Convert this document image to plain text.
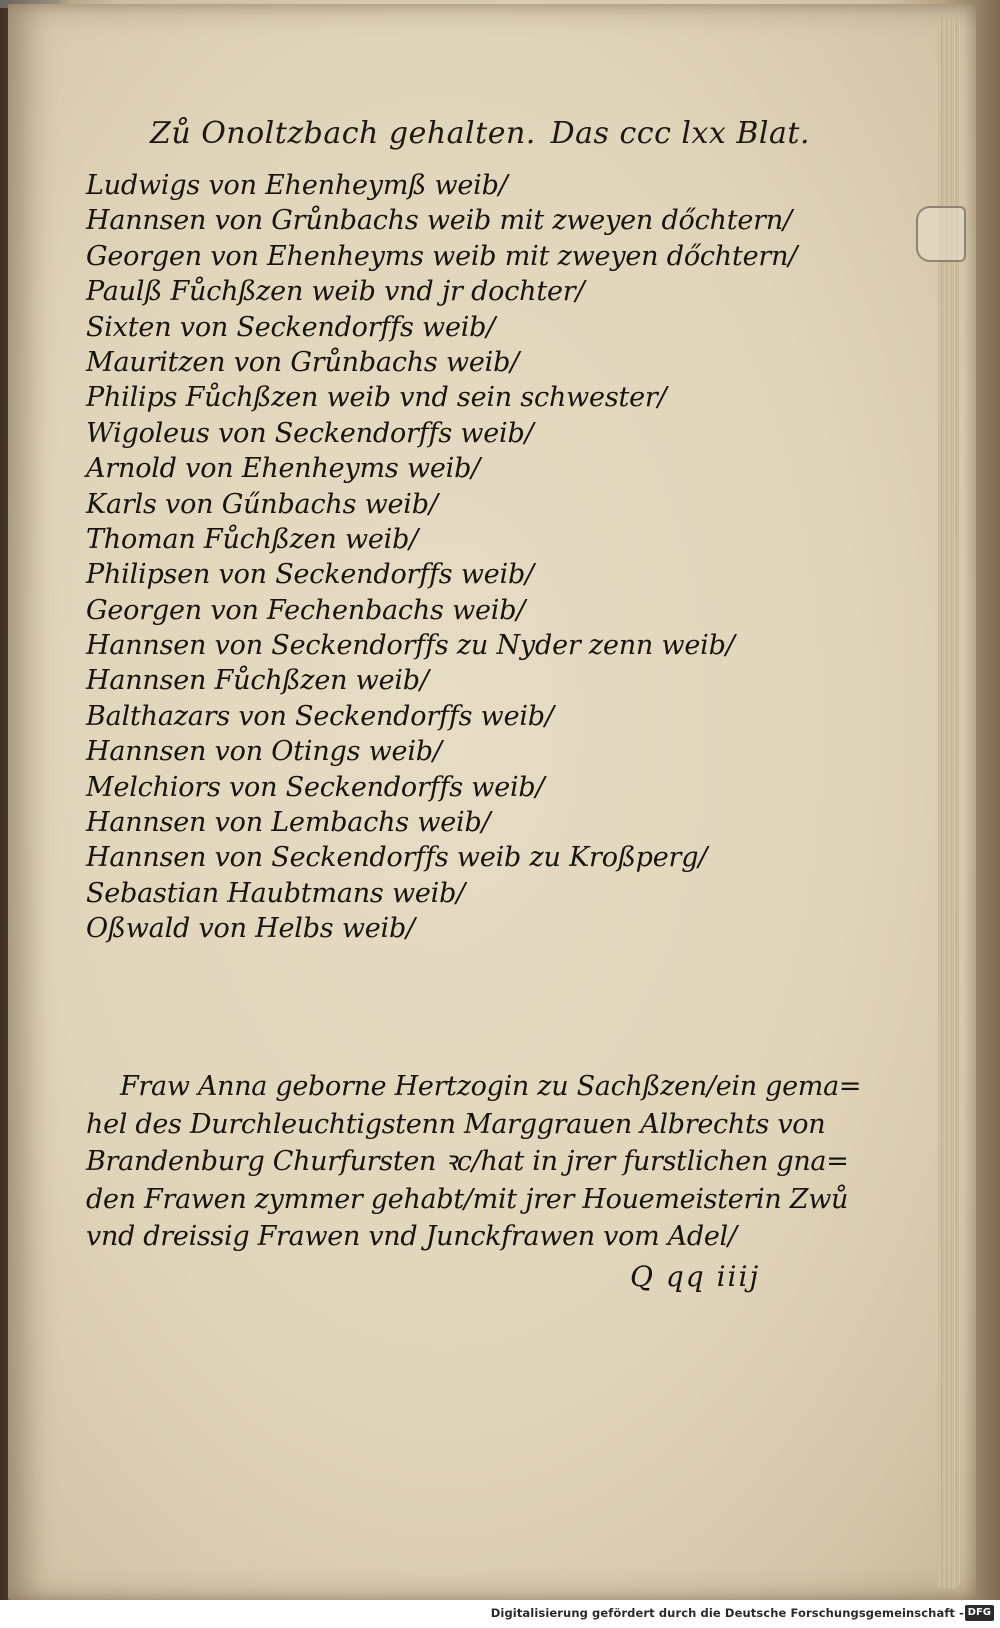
Zů Onoltzbach gehalten. Das ccc lxx Blat.
Ludwigs von Ehenheymß weib/
Hannsen von Grůnbachs weib mit zweyen dőchtern/
Georgen von Ehenheyms weib mit zweyen dőchtern/
Paulß Fůchßzen weib vnd jr dochter/
Sixten von Seckendorffs weib/
Mauritzen von Grůnbachs weib/
Philips Fůchßzen weib vnd sein schwester/
Wigoleus von Seckendorffs weib/
Arnold von Ehenheyms weib/
Karls von Gűnbachs weib/
Thoman Fůchßzen weib/
Philipsen von Seckendorffs weib/
Georgen von Fechenbachs weib/
Hannsen von Seckendorffs zu Nyder zenn weib/
Hannsen Fůchßzen weib/
Balthazars von Seckendorffs weib/
Hannsen von Otings weib/
Melchiors von Seckendorffs weib/
Hannsen von Lembachs weib/
Hannsen von Seckendorffs weib zu Kroßperg/
Sebastian Haubtmans weib/
Oßwald von Helbs weib/
Fraw Anna geborne Hertzogin zu Sachßzen/ein gema=
hel des Durchleuchtigstenn Marggrauen Albrechts von
Brandenburg Churfursten ꝛc/hat in jrer furstlichen gna=
den Frawen zymmer gehabt/mit jrer Houemeisterin Zwů
vnd dreissig Frawen vnd Junckfrawen vom Adel/
Q qq iiij
Digitalisierung gefördert durch die Deutsche Forschungsgemeinschaft - DFG
